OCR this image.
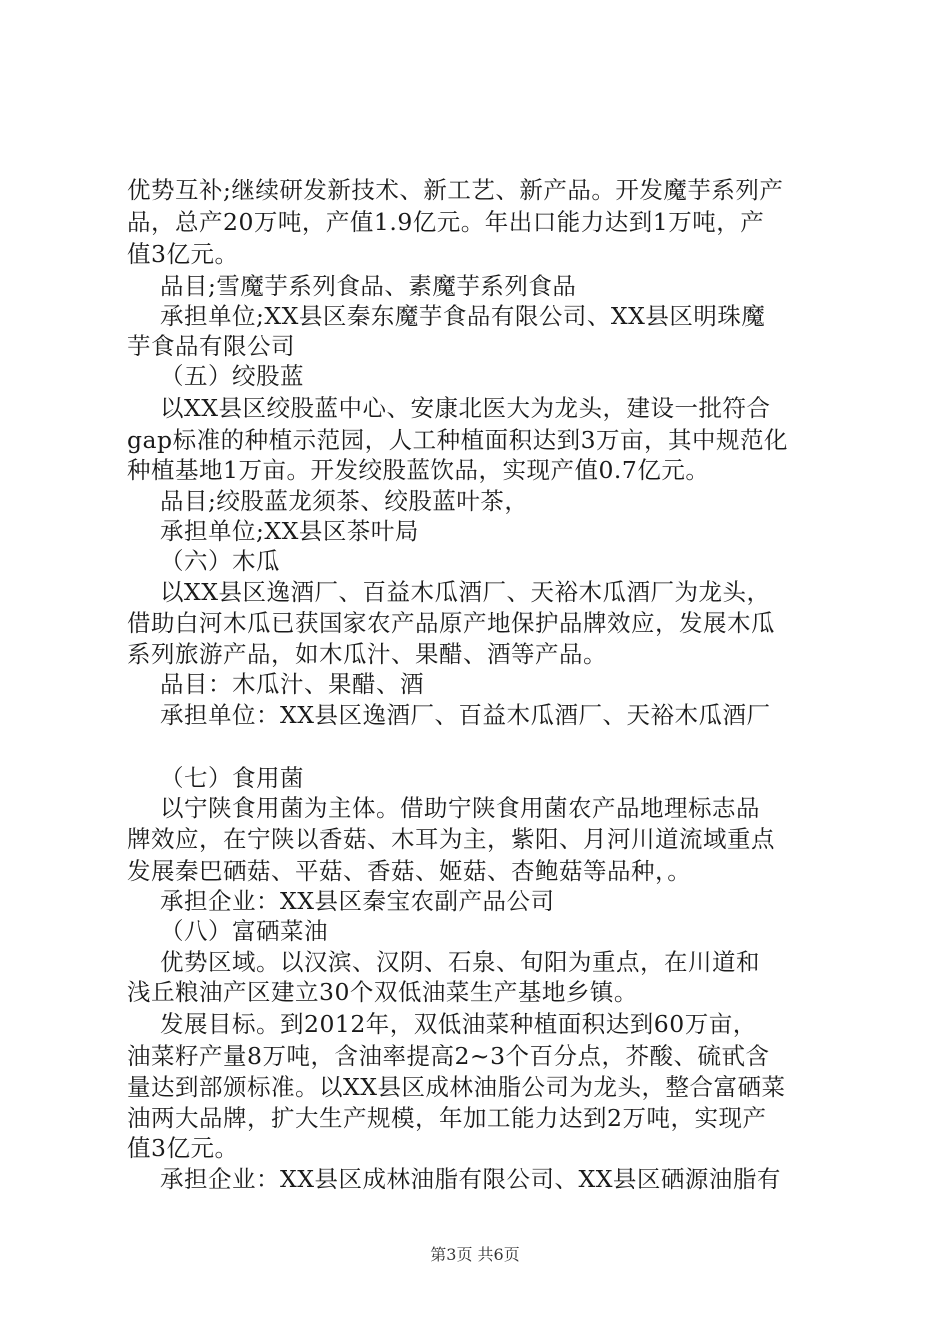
优势互补;继续研发新技术、新工艺、新产品。开发魔芋系列产

品，总产20万吨，产值1.9亿元。年出口能力达到1万吨，产

值3亿元。

品目;雪魔芋系列食品、素魔芋系列食品

承担单位;XX县区秦东魔芋食品有限公司、XX县区明珠魔

芋食品有限公司

（五）绞股蓝

以XX县区绞股蓝中心、安康北医大为龙头，建设一批符合

gap标准的种植示范园，人工种植面积达到3万亩，其中规范化

种植基地1万亩。开发绞股蓝饮品，实现产值0.7亿元。

品目;绞股蓝龙须茶、绞股蓝叶茶，

承担单位;XX县区茶叶局

（六）木瓜

以XX县区逸酒厂、百益木瓜酒厂、天裕木瓜酒厂为龙头，

借助白河木瓜已获国家农产品原产地保护品牌效应，发展木瓜

系列旅游产品，如木瓜汁、果醋、酒等产品。

品目：木瓜汁、果醋、酒

承担单位：XX县区逸酒厂、百益木瓜酒厂、天裕木瓜酒厂

（七）食用菌

以宁陕食用菌为主体。借助宁陕食用菌农产品地理标志品

牌效应，在宁陕以香菇、木耳为主，紫阳、月河川道流域重点

发展秦巴硒菇、平菇、香菇、姬菇、杏鲍菇等品种，。

承担企业：XX县区秦宝农副产品公司

（八）富硒菜油

优势区域。以汉滨、汉阴、石泉、旬阳为重点，在川道和

浅丘粮油产区建立30个双低油菜生产基地乡镇。

发展目标。到2012年，双低油菜种植面积达到60万亩，

油菜籽产量8万吨，含油率提高2~3个百分点，芥酸、硫甙含

量达到部颁标准。以XX县区成林油脂公司为龙头，整合富硒菜

油两大品牌，扩大生产规模，年加工能力达到2万吨，实现产

值3亿元。

承担企业：XX县区成林油脂有限公司、XX县区硒源油脂有

第3页 共6页
